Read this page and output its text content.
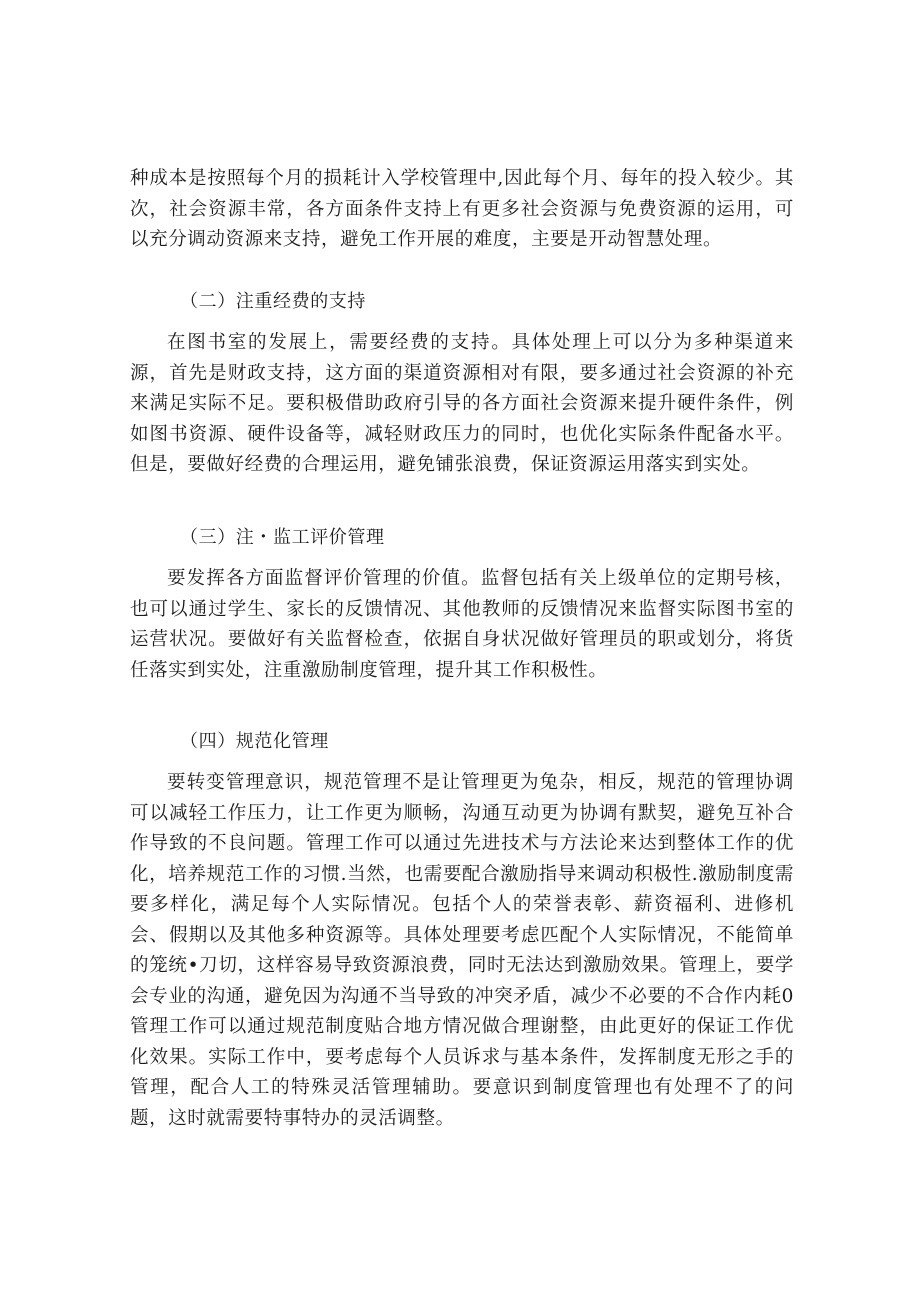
种成本是按照每个月的损耗计入学校管理中,因此每个月、每年的投入较少。其次，社会资源丰常，各方面条件支持上有更多社会资源与免费资源的运用，可以充分调动资源来支持，避免工作开展的难度，主要是开动智慧处理。

（二）注重经费的支持

在图书室的发展上，需要经费的支持。具体处理上可以分为多种渠道来源，首先是财政支持，这方面的渠道资源相对有限，要多通过社会资源的补充来满足实际不足。要积极借助政府引导的各方面社会资源来提升硬件条件，例如图书资源、硬件设备等，减轻财政压力的同时，也优化实际条件配备水平。但是，要做好经费的合理运用，避免铺张浪费，保证资源运用落实到实处。

（三）注・监工评价管理

要发挥各方面监督评价管理的价值。监督包括有关上级单位的定期号核，也可以通过学生、家长的反馈情况、其他教师的反馈情况来监督实际图书室的运营状况。要做好有关监督检查，依据自身状况做好管理员的职或划分，将货任落实到实处，注重激励制度管理，提升其工作积极性。

（四）规范化管理

要转变管理意识，规范管理不是让管理更为兔杂，相反，规范的管理协调可以减轻工作压力，让工作更为顺畅，沟通互动更为协调有默契，避免互补合作导致的不良问题。管理工作可以通过先进技术与方法论来达到整体工作的优化，培养规范工作的习惯.当然，也需要配合激励指导来调动积极性.激励制度需要多样化，满足每个人实际情况。包括个人的荣誉表彰、薪资福利、进修机会、假期以及其他多种资源等。具体处理要考虑匹配个人实际情况，不能简单的笼统•刀切，这样容易导致资源浪费，同时无法达到激励效果。管理上，要学会专业的沟通，避免因为沟通不当导致的冲突矛盾，减少不必要的不合作内耗0管理工作可以通过规范制度贴合地方情况做合理谢整，由此更好的保证工作优化效果。实际工作中，要考虑每个人员诉求与基本条件，发挥制度无形之手的管理，配合人工的特殊灵活管理辅助。要意识到制度管理也有处理不了的问题，这时就需要特事特办的灵活调整。
